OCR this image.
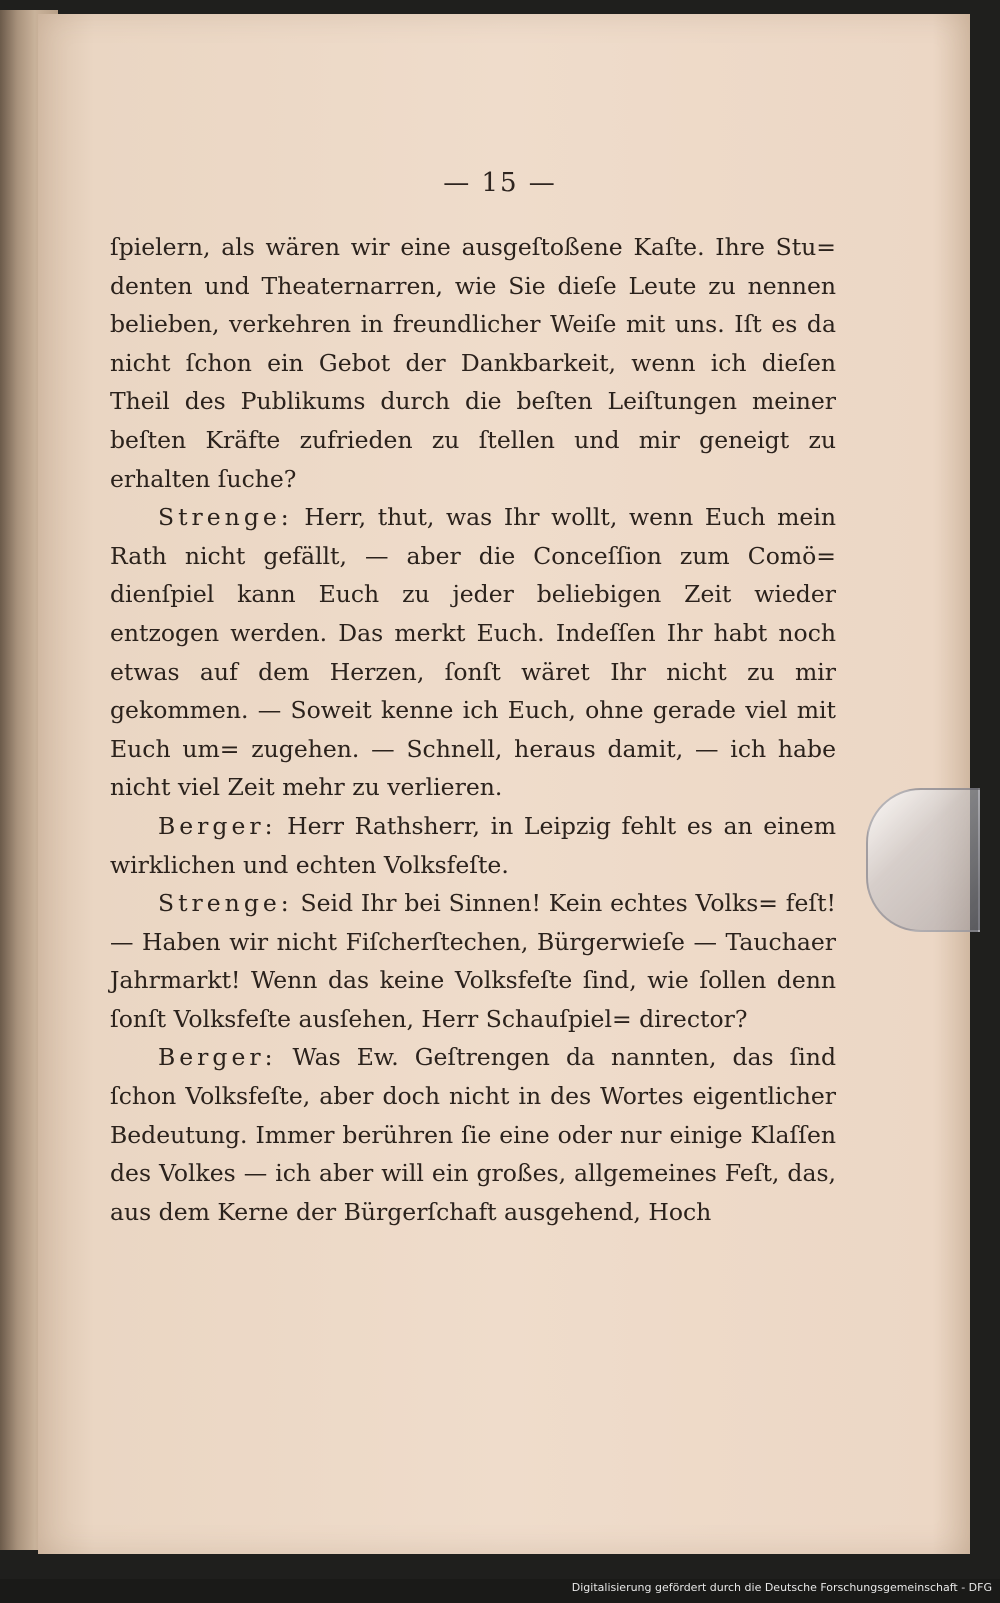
— 15 —

ſpielern, als wären wir eine ausgeſtoßene Kaſte. Ihre Stu= denten und Theaternarren, wie Sie dieſe Leute zu nennen belieben, verkehren in freundlicher Weiſe mit uns. Iſt es da nicht ſchon ein Gebot der Dankbarkeit, wenn ich dieſen Theil des Publikums durch die beſten Leiſtungen meiner beſten Kräfte zufrieden zu ſtellen und mir geneigt zu erhalten ſuche?

Strenge: Herr, thut, was Ihr wollt, wenn Euch mein Rath nicht gefällt, — aber die Conceſſion zum Comö= dienſpiel kann Euch zu jeder beliebigen Zeit wieder entzogen werden. Das merkt Euch. Indeſſen Ihr habt noch etwas auf dem Herzen, ſonſt wäret Ihr nicht zu mir gekommen. — Soweit kenne ich Euch, ohne gerade viel mit Euch um= zugehen. — Schnell, heraus damit, — ich habe nicht viel Zeit mehr zu verlieren.

Berger: Herr Rathsherr, in Leipzig fehlt es an einem wirklichen und echten Volksfeſte.

Strenge: Seid Ihr bei Sinnen! Kein echtes Volks= feſt! — Haben wir nicht Fiſcherſtechen, Bürgerwieſe — Tauchaer Jahrmarkt! Wenn das keine Volksfeſte ſind, wie ſollen denn ſonſt Volksfeſte ausſehen, Herr Schauſpiel= director?

Berger: Was Ew. Geſtrengen da nannten, das ſind ſchon Volksfeſte, aber doch nicht in des Wortes eigentlicher Bedeutung. Immer berühren ſie eine oder nur einige Klaſſen des Volkes — ich aber will ein großes, allgemeines Feſt, das, aus dem Kerne der Bürgerſchaft ausgehend, Hoch

Digitalisierung gefördert durch die Deutsche Forschungsgemeinschaft - DFG
